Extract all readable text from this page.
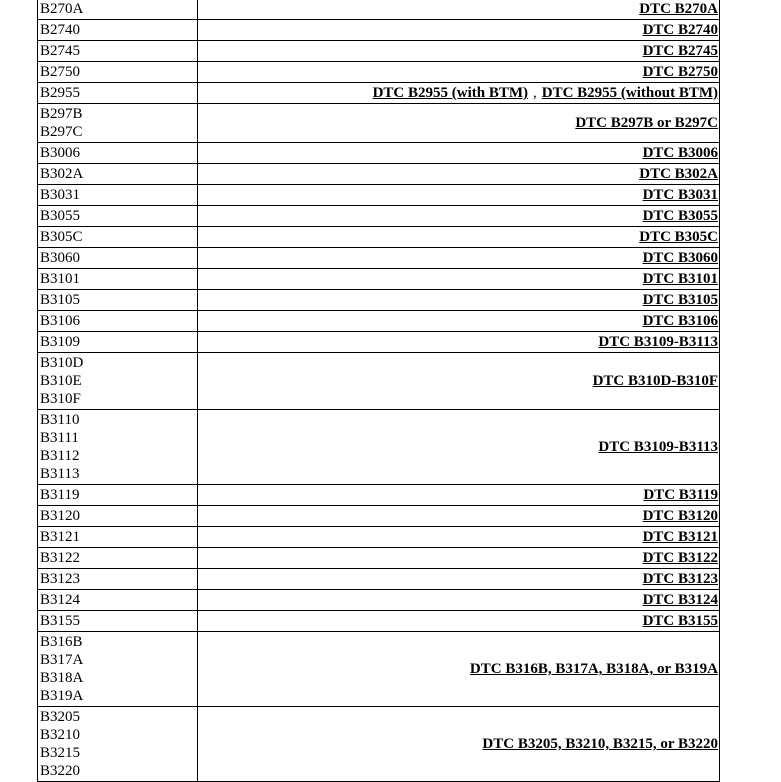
B270A	DTC B270A

B2740	DTC B2740

B2745	DTC B2745

B2750	DTC B2750

B2955	DTC B2955 (with BTM) , DTC B2955 (without BTM)

B297B
B297C	DTC B297B or B297C

B3006	DTC B3006

B302A	DTC B302A

B3031	DTC B3031

B3055	DTC B3055

B305C	DTC B305C

B3060	DTC B3060

B3101	DTC B3101

B3105	DTC B3105

B3106	DTC B3106

B3109	DTC B3109-B3113

B310D
B310E
B310F	DTC B310D-B310F

B3110
B3111
B3112
B3113	DTC B3109-B3113

B3119	DTC B3119

B3120	DTC B3120

B3121	DTC B3121

B3122	DTC B3122

B3123	DTC B3123

B3124	DTC B3124

B3155	DTC B3155

B316B
B317A
B318A
B319A	DTC B316B, B317A, B318A, or B319A

B3205
B3210
B3215
B3220	DTC B3205, B3210, B3215, or B3220
